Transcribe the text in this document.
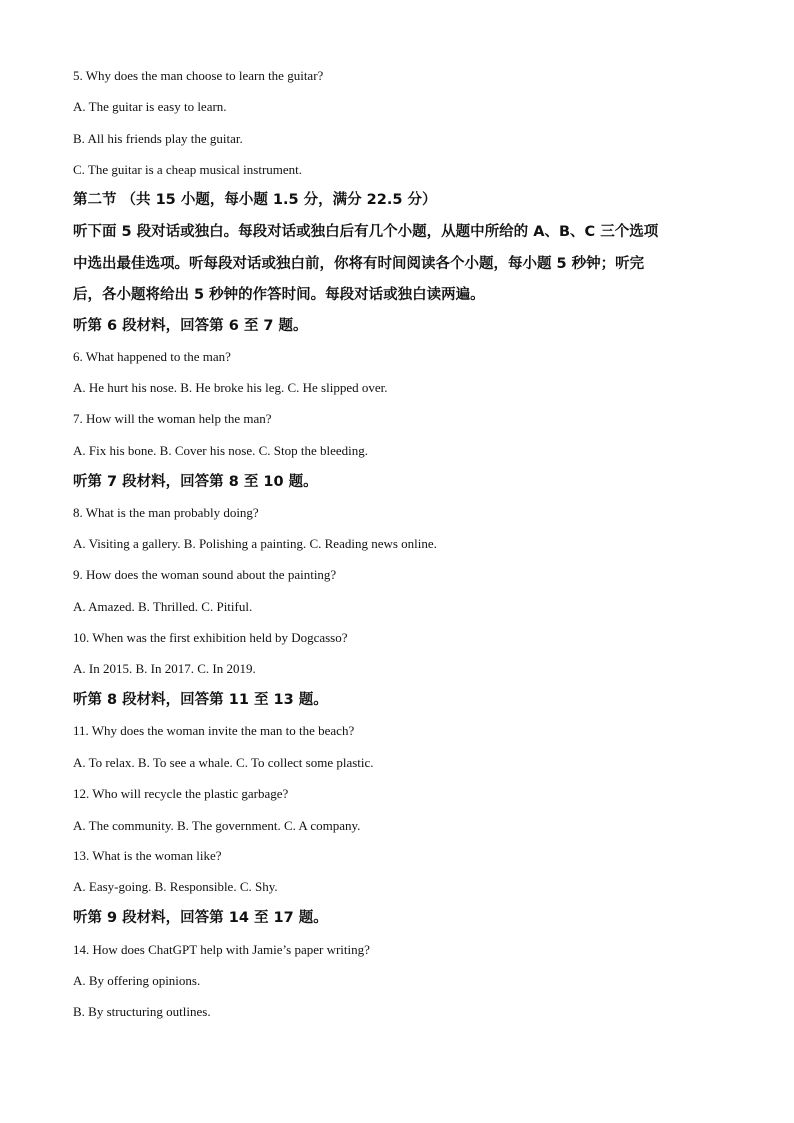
5. Why does the man choose to learn the guitar?
A. The guitar is easy to learn.
B. All his friends play the guitar.
C. The guitar is a cheap musical instrument.
第二节 （共 15 小题，每小题 1.5 分，满分 22.5 分）
听下面 5 段对话或独白。每段对话或独白后有几个小题，从题中所给的 A、B、C 三个选项
中选出最佳选项。听每段对话或独白前，你将有时间阅读各个小题，每小题 5 秒钟；听完
后，各小题将给出 5 秒钟的作答时间。每段对话或独白读两遍。
听第 6 段材料，回答第 6 至 7 题。
6. What happened to the man?
A. He hurt his nose. B. He broke his leg. C. He slipped over.
7. How will the woman help the man?
A. Fix his bone. B. Cover his nose. C. Stop the bleeding.
听第 7 段材料，回答第 8 至 10 题。
8. What is the man probably doing?
A. Visiting a gallery. B. Polishing a painting. C. Reading news online.
9. How does the woman sound about the painting?
A. Amazed. B. Thrilled. C. Pitiful.
10. When was the first exhibition held by Dogcasso?
A. In 2015. B. In 2017. C. In 2019.
听第 8 段材料，回答第 11 至 13 题。
11. Why does the woman invite the man to the beach?
A. To relax. B. To see a whale. C. To collect some plastic.
12. Who will recycle the plastic garbage?
A. The community. B. The government. C. A company.
13. What is the woman like?
A. Easy-going. B. Responsible. C. Shy.
听第 9 段材料，回答第 14 至 17 题。
14. How does ChatGPT help with Jamie’s paper writing?
A. By offering opinions.
B. By structuring outlines.
